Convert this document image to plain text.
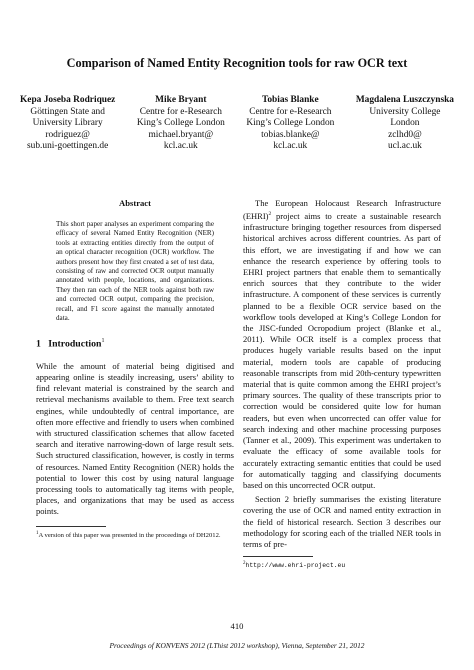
Comparison of Named Entity Recognition tools for raw OCR text
Kepa Joseba Rodriquez
Göttingen State and
University Library
rodriguez@
sub.uni-goettingen.de
Mike Bryant
Centre for e-Research
King’s College London
michael.bryant@
kcl.ac.uk
Tobias Blanke
Centre for e-Research
King’s College London
tobias.blanke@
kcl.ac.uk
Magdalena Luszczynska
University College
London
zclhd0@
ucl.ac.uk
Abstract
This short paper analyses an experiment comparing the efficacy of several Named Entity Recognition (NER) tools at extracting entities directly from the output of an optical character recognition (OCR) workflow. The authors present how they first created a set of test data, consisting of raw and corrected OCR output manually annotated with people, locations, and organizations. They then ran each of the NER tools against both raw and corrected OCR output, comparing the precision, recall, and F1 score against the manually annotated data.
1 Introduction$^1$
While the amount of material being digitised and appearing online is steadily increasing, users’ ability to find relevant material is constrained by the search and retrieval mechanisms available to them. Free text search engines, while undoubtedly of central importance, are often more effective and friendly to users when combined with structured classification schemes that allow faceted search and iterative narrowing-down of large result sets. Such structured classification, however, is costly in terms of resources. Named Entity Recognition (NER) holds the potential to lower this cost by using natural language processing tools to automatically tag items with people, places, and organizations that may be used as access points.
$^1$A version of this paper was presented in the proceedings of DH2012.
The European Holocaust Research Infrastructure (EHRI)$^2$ project aims to create a sustainable research infrastructure bringing together resources from dispersed historical archives across different countries. As part of this effort, we are investigating if and how we can enhance the research experience by offering tools to EHRI project partners that enable them to semantically enrich sources that they contribute to the wider infrastructure. A component of these services is currently planned to be a flexible OCR service based on the workflow tools developed at King’s College London for the JISC-funded Ocropodium project (Blanke et al., 2011). While OCR itself is a complex process that produces hugely variable results based on the input material, modern tools are capable of producing reasonable transcripts from mid 20th-century typewritten material that is quite common among the EHRI project’s primary sources. The quality of these transcripts prior to correction would be considered quite low for human readers, but even when uncorrected can offer value for search indexing and other machine processing purposes (Tanner et al., 2009). This experiment was undertaken to evaluate the efficacy of some available tools for accurately extracting semantic entities that could be used for automatically tagging and classifying documents based on this uncorrected OCR output.
Section 2 briefly summarises the existing literature covering the use of OCR and named entity extraction in the field of historical research. Section 3 describes our methodology for scoring each of the trialled NER tools in terms of pre-
$^2$http://www.ehri-project.eu
410
Proceedings of KONVENS 2012 (LThist 2012 workshop), Vienna, September 21, 2012
